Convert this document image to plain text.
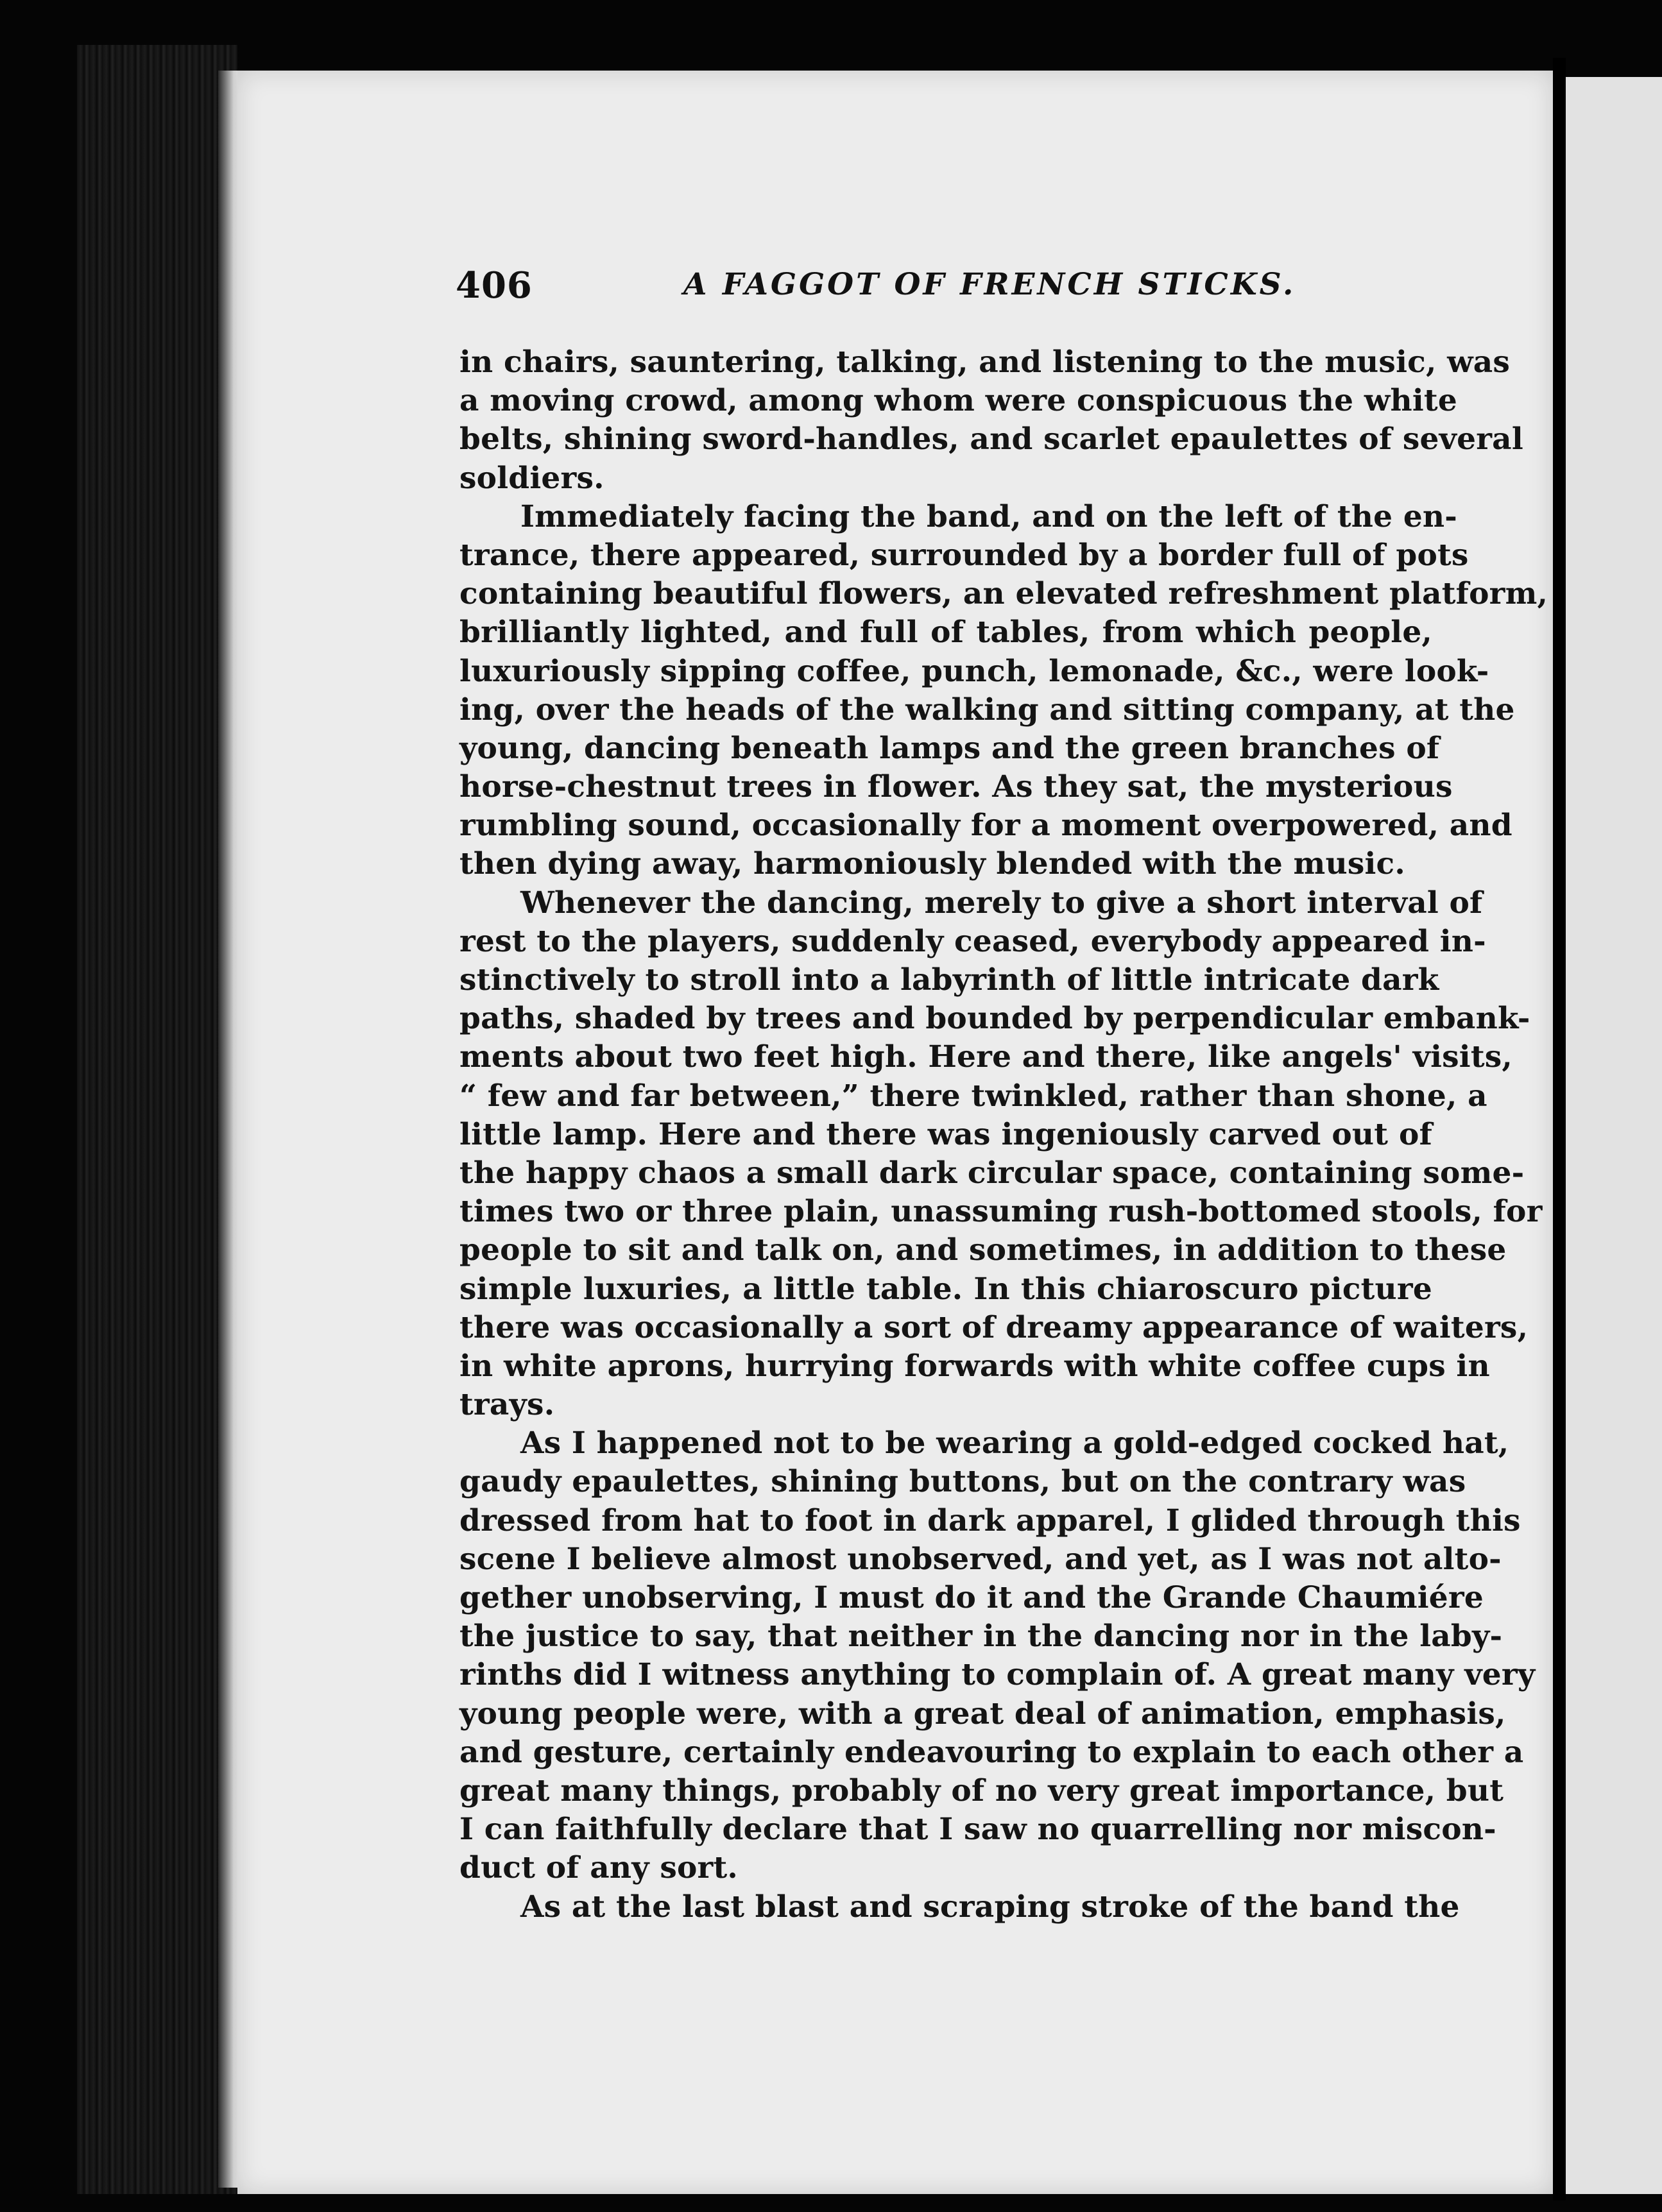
406	A FAGGOT OF FRENCH STICKS.
in chairs, sauntering, talking, and listening to the music, was
a moving crowd, among whom were conspicuous the white
belts, shining sword-handles, and scarlet epaulettes of several
soldiers.
Immediately facing the band, and on the left of the en-
trance, there appeared, surrounded by a border full of pots
containing beautiful flowers, an elevated refreshment platform,
brilliantly lighted, and full of tables, from which people,
luxuriously sipping coffee, punch, lemonade, &c., were look-
ing, over the heads of the walking and sitting company, at the
young, dancing beneath lamps and the green branches of
horse-chestnut trees in flower. As they sat, the mysterious
rumbling sound, occasionally for a moment overpowered, and
then dying away, harmoniously blended with the music.
Whenever the dancing, merely to give a short interval of
rest to the players, suddenly ceased, everybody appeared in-
stinctively to stroll into a labyrinth of little intricate dark
paths, shaded by trees and bounded by perpendicular embank-
ments about two feet high. Here and there, like angels' visits,
“ few and far between,” there twinkled, rather than shone, a
little lamp. Here and there was ingeniously carved out of
the happy chaos a small dark circular space, containing some-
times two or three plain, unassuming rush-bottomed stools, for
people to sit and talk on, and sometimes, in addition to these
simple luxuries, a little table. In this chiaroscuro picture
there was occasionally a sort of dreamy appearance of waiters,
in white aprons, hurrying forwards with white coffee cups in
trays.
As I happened not to be wearing a gold-edged cocked hat,
gaudy epaulettes, shining buttons, but on the contrary was
dressed from hat to foot in dark apparel, I glided through this
scene I believe almost unobserved, and yet, as I was not alto-
gether unobserving, I must do it and the Grande Chaumiére
the justice to say, that neither in the dancing nor in the laby-
rinths did I witness anything to complain of. A great many very
young people were, with a great deal of animation, emphasis,
and gesture, certainly endeavouring to explain to each other a
great many things, probably of no very great importance, but
I can faithfully declare that I saw no quarrelling nor miscon-
duct of any sort.
As at the last blast and scraping stroke of the band the
